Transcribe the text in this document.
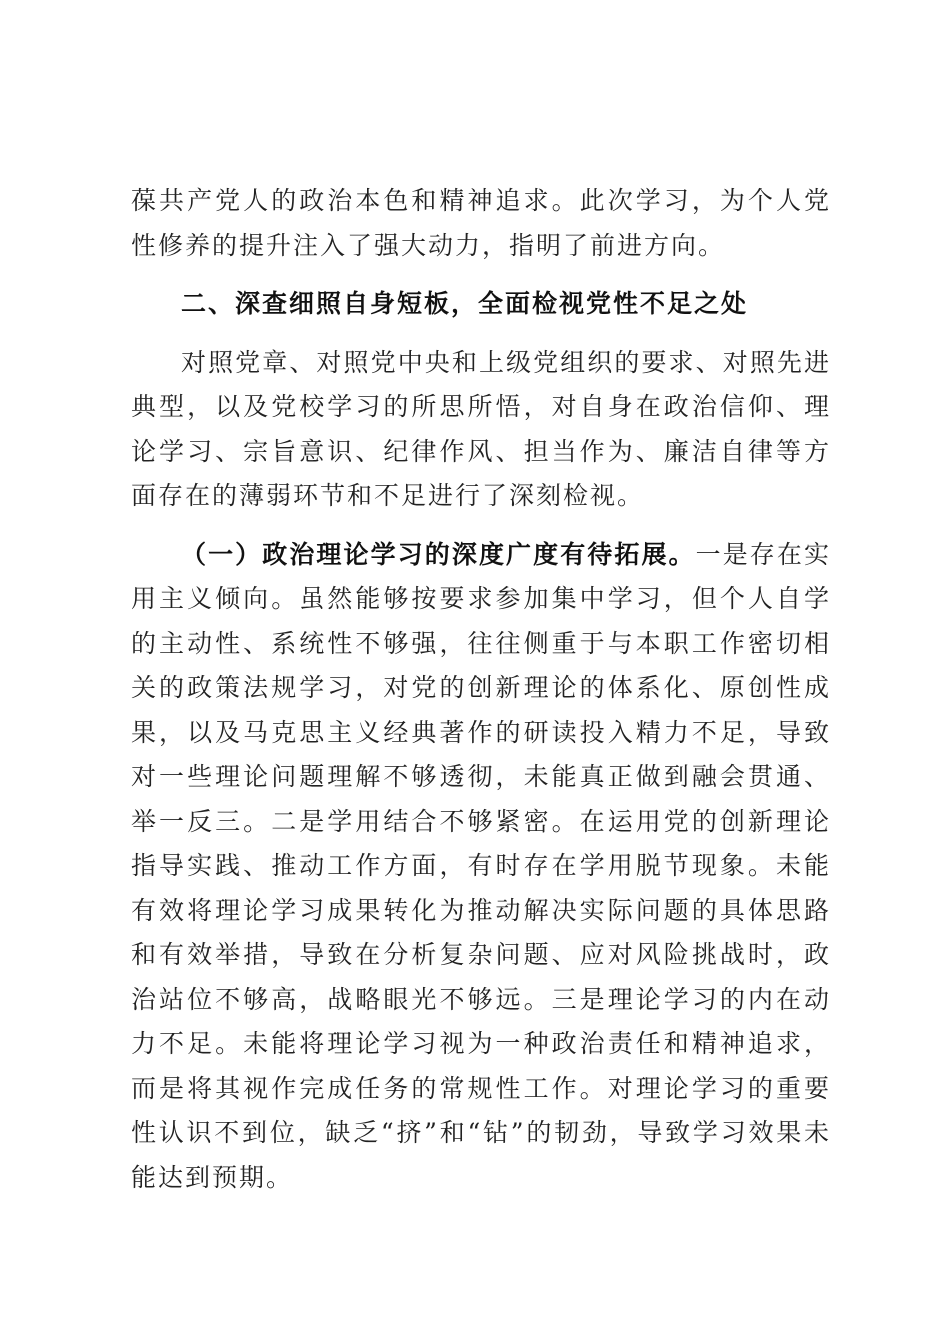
葆共产党人的政治本色和精神追求。此次学习，为个人党性修养的提升注入了强大动力，指明了前进方向。

二、深查细照自身短板，全面检视党性不足之处

对照党章、对照党中央和上级党组织的要求、对照先进典型，以及党校学习的所思所悟，对自身在政治信仰、理论学习、宗旨意识、纪律作风、担当作为、廉洁自律等方面存在的薄弱环节和不足进行了深刻检视。

（一）政治理论学习的深度广度有待拓展。一是存在实用主义倾向。虽然能够按要求参加集中学习，但个人自学的主动性、系统性不够强，往往侧重于与本职工作密切相关的政策法规学习，对党的创新理论的体系化、原创性成果，以及马克思主义经典著作的研读投入精力不足，导致对一些理论问题理解不够透彻，未能真正做到融会贯通、举一反三。二是学用结合不够紧密。在运用党的创新理论指导实践、推动工作方面，有时存在学用脱节现象。未能有效将理论学习成果转化为推动解决实际问题的具体思路和有效举措，导致在分析复杂问题、应对风险挑战时，政治站位不够高，战略眼光不够远。三是理论学习的内在动力不足。未能将理论学习视为一种政治责任和精神追求，而是将其视作完成任务的常规性工作。对理论学习的重要性认识不到位，缺乏“挤”和“钻”的韧劲，导致学习效果未能达到预期。
